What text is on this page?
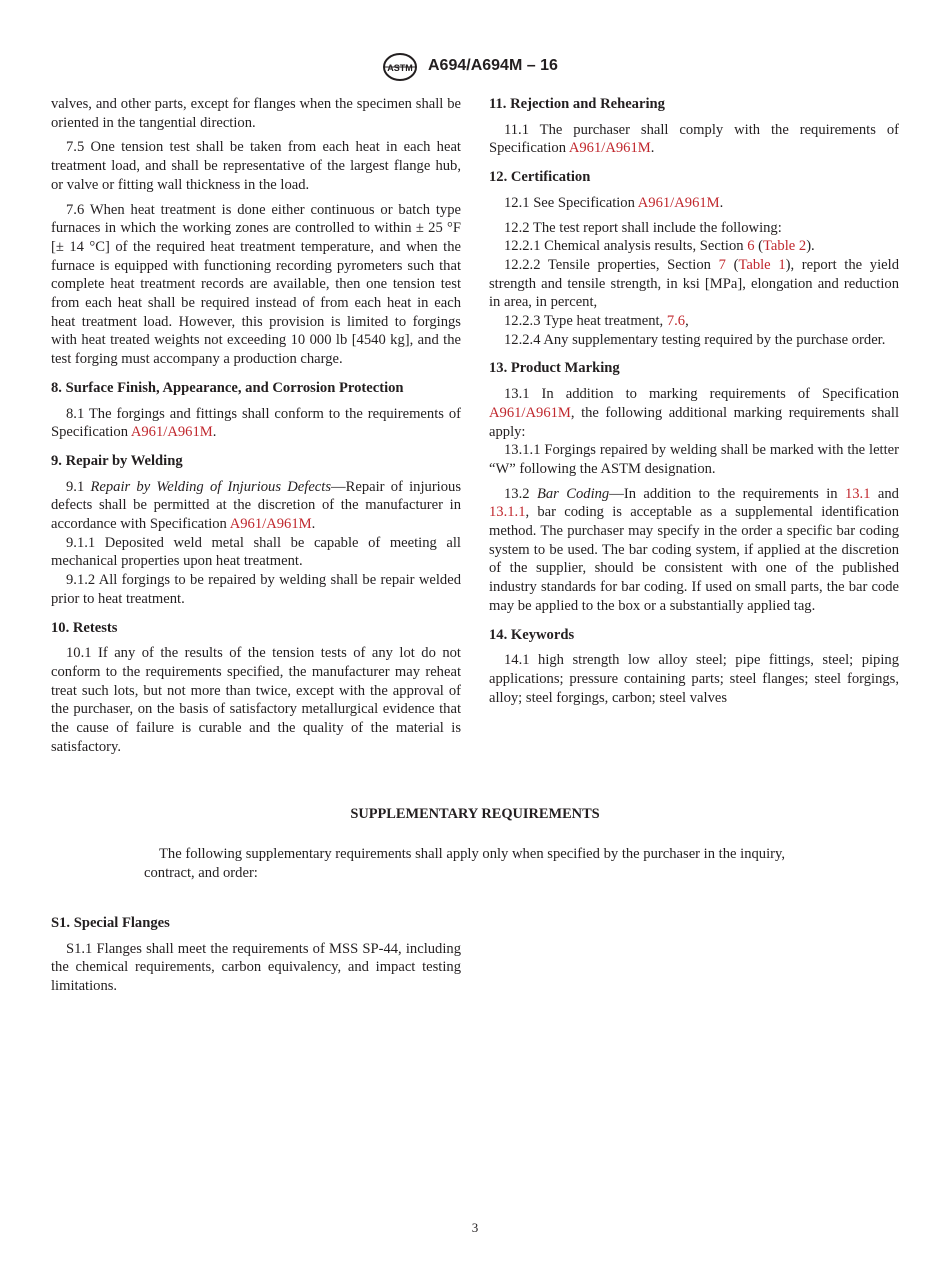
ASTM A694/A694M – 16

valves, and other parts, except for flanges when the specimen shall be oriented in the tangential direction.

7.5 One tension test shall be taken from each heat in each heat treatment load, and shall be representative of the largest flange hub, or valve or fitting wall thickness in the load.

7.6 When heat treatment is done either continuous or batch type furnaces in which the working zones are controlled to within ± 25 °F [± 14 °C] of the required heat treatment temperature, and when the furnace is equipped with functioning recording pyrometers such that complete heat treatment records are available, then one tension test from each heat shall be required instead of from each heat in each heat treatment load. However, this provision is limited to forgings with heat treated weights not exceeding 10 000 lb [4540 kg], and the test forging must accompany a production charge.

8. Surface Finish, Appearance, and Corrosion Protection

8.1 The forgings and fittings shall conform to the requirements of Specification A961/A961M.

9. Repair by Welding

9.1 Repair by Welding of Injurious Defects—Repair of injurious defects shall be permitted at the discretion of the manufacturer in accordance with Specification A961/A961M.

9.1.1 Deposited weld metal shall be capable of meeting all mechanical properties upon heat treatment.

9.1.2 All forgings to be repaired by welding shall be repair welded prior to heat treatment.

10. Retests

10.1 If any of the results of the tension tests of any lot do not conform to the requirements specified, the manufacturer may reheat treat such lots, but not more than twice, except with the approval of the purchaser, on the basis of satisfactory metallurgical evidence that the cause of failure is curable and the quality of the material is satisfactory.

11. Rejection and Rehearing

11.1 The purchaser shall comply with the requirements of Specification A961/A961M.

12. Certification

12.1 See Specification A961/A961M.

12.2 The test report shall include the following:

12.2.1 Chemical analysis results, Section 6 (Table 2).

12.2.2 Tensile properties, Section 7 (Table 1), report the yield strength and tensile strength, in ksi [MPa], elongation and reduction in area, in percent,

12.2.3 Type heat treatment, 7.6,

12.2.4 Any supplementary testing required by the purchase order.

13. Product Marking

13.1 In addition to marking requirements of Specification A961/A961M, the following additional marking requirements shall apply:

13.1.1 Forgings repaired by welding shall be marked with the letter “W” following the ASTM designation.

13.2 Bar Coding—In addition to the requirements in 13.1 and 13.1.1, bar coding is acceptable as a supplemental identification method. The purchaser may specify in the order a specific bar coding system to be used. The bar coding system, if applied at the discretion of the supplier, should be consistent with one of the published industry standards for bar coding. If used on small parts, the bar code may be applied to the box or a substantially applied tag.

14. Keywords

14.1 high strength low alloy steel; pipe fittings, steel; piping applications; pressure containing parts; steel flanges; steel forgings, alloy; steel forgings, carbon; steel valves

SUPPLEMENTARY REQUIREMENTS

The following supplementary requirements shall apply only when specified by the purchaser in the inquiry, contract, and order:

S1. Special Flanges

S1.1 Flanges shall meet the requirements of MSS SP-44, including the chemical requirements, carbon equivalency, and impact testing limitations.

3
